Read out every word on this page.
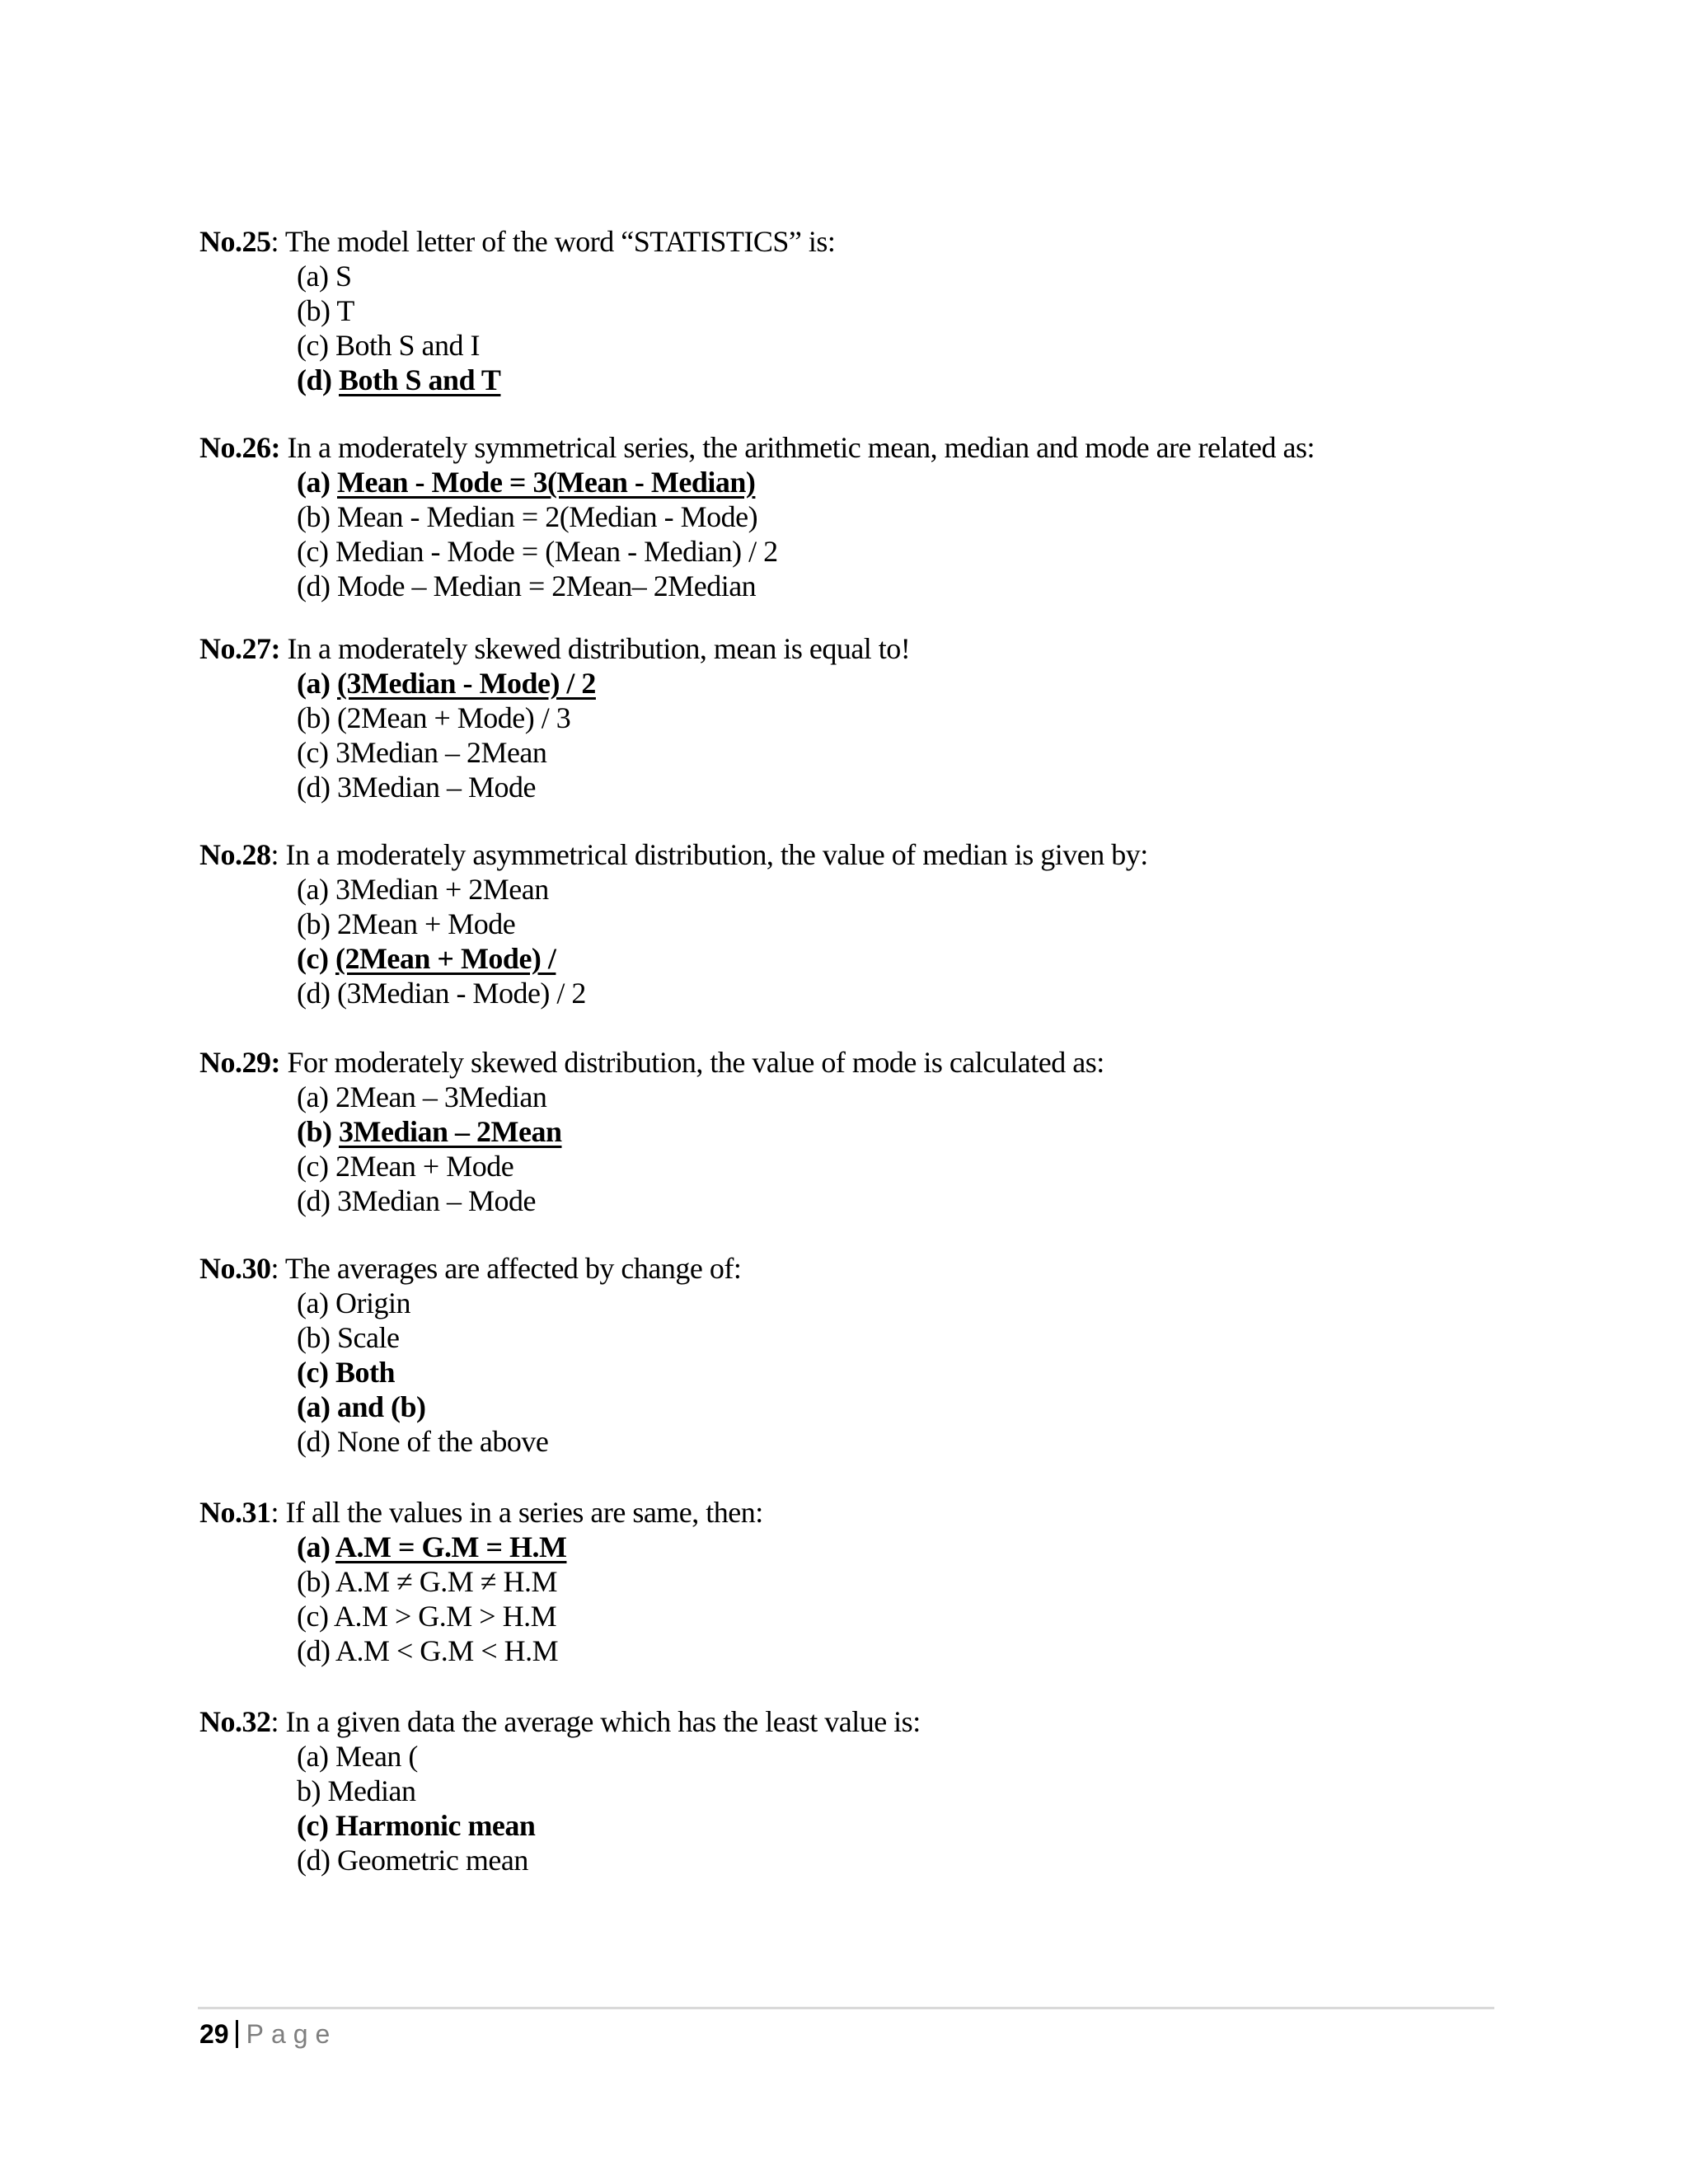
No.25: The model letter of the word “STATISTICS” is:
(a) S
(b) T
(c) Both S and I
(d) Both S and T
No.26: In a moderately symmetrical series, the arithmetic mean, median and mode are related as:
(a) Mean - Mode = 3(Mean - Median)
(b) Mean - Median = 2(Median - Mode)
(c) Median - Mode = (Mean - Median) / 2
(d) Mode – Median = 2Mean– 2Median
No.27: In a moderately skewed distribution, mean is equal to!
(a) (3Median - Mode) / 2
(b) (2Mean + Mode) / 3
(c) 3Median – 2Mean
(d) 3Median – Mode
No.28: In a moderately asymmetrical distribution, the value of median is given by:
(a) 3Median + 2Mean
(b) 2Mean + Mode
(c) (2Mean + Mode) /
(d) (3Median - Mode) / 2
No.29: For moderately skewed distribution, the value of mode is calculated as:
(a) 2Mean – 3Median
(b) 3Median – 2Mean
(c) 2Mean + Mode
(d) 3Median – Mode
No.30: The averages are affected by change of:
(a) Origin
(b) Scale
(c) Both
(a) and (b)
(d) None of the above
No.31: If all the values in a series are same, then:
(a) A.M = G.M = H.M
(b) A.M ≠ G.M ≠ H.M
(c) A.M > G.M > H.M
(d) A.M < G.M < H.M
No.32: In a given data the average which has the least value is:
(a) Mean (
b) Median
(c) Harmonic mean
(d) Geometric mean
29 Page
